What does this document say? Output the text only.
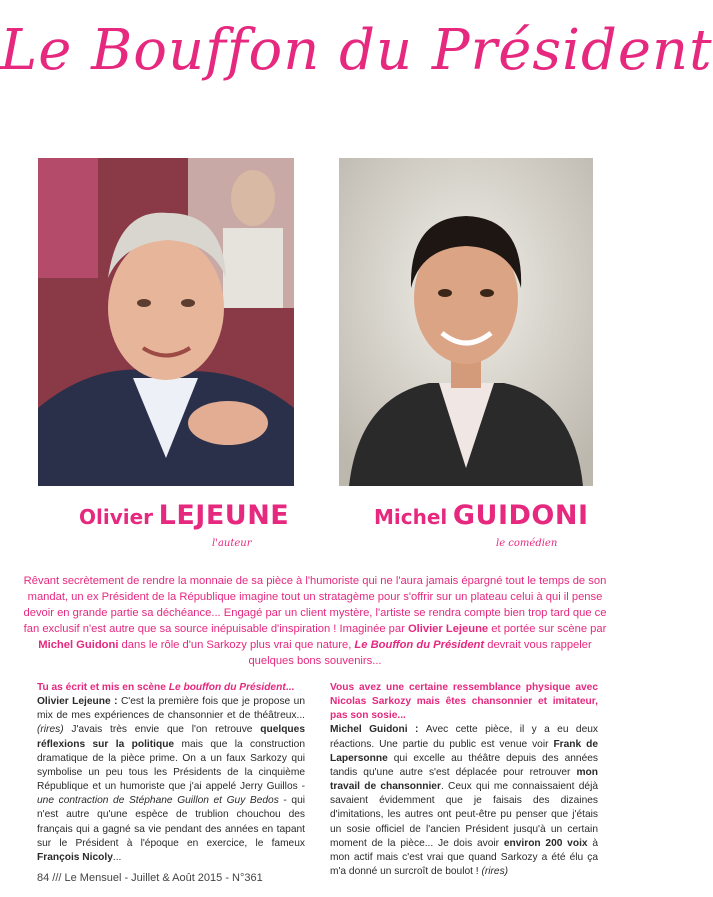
Le Bouffon du Président
Olivier LEJEUNE
l'auteur
Michel GUIDONI
le comédien
Rêvant secrètement de rendre la monnaie de sa pièce à l'humoriste qui ne l'aura jamais épargné tout le temps de son mandat, un ex Président de la République imagine tout un stratagème pour s'offrir sur un plateau celui à qui il pense devoir en grande partie sa déchéance... Engagé par un client mystère, l'artiste se rendra compte bien trop tard que ce fan exclusif n'est autre que sa source inépuisable d'inspiration ! Imaginée par Olivier Lejeune et portée sur scène par Michel Guidoni dans le rôle d'un Sarkozy plus vrai que nature, Le Bouffon du Président devrait vous rappeler quelques bons souvenirs...
Tu as écrit et mis en scène Le bouffon du Président...
Olivier Lejeune : C'est la première fois que je propose un mix de mes expériences de chansonnier et de théâtreux... (rires) J'avais très envie que l'on retrouve quelques réflexions sur la politique mais que la construction dramatique de la pièce prime. On a un faux Sarkozy qui symbolise un peu tous les Présidents de la cinquième République et un humoriste que j'ai appelé Jerry Guillos - une contraction de Stéphane Guillon et Guy Bedos - qui n'est autre qu'une espèce de trublion chouchou des français qui a gagné sa vie pendant des années en tapant sur le Président à l'époque en exercice, le fameux François Nicoly...
Vous avez une certaine ressemblance physique avec Nicolas Sarkozy mais êtes chansonnier et imitateur, pas son sosie...
Michel Guidoni : Avec cette pièce, il y a eu deux réactions. Une partie du public est venue voir Frank de Lapersonne qui excelle au théâtre depuis des années tandis qu'une autre s'est déplacée pour retrouver mon travail de chansonnier. Ceux qui me connaissaient déjà savaient évidemment que je faisais des dizaines d'imitations, les autres ont peut-être pu penser que j'étais un sosie officiel de l'ancien Président jusqu'à un certain moment de la pièce... Je dois avoir environ 200 voix à mon actif mais c'est vrai que quand Sarkozy a été élu ça m'a donné un surcroît de boulot ! (rires)
84 /// Le Mensuel - Juillet & Août 2015 - N°361
